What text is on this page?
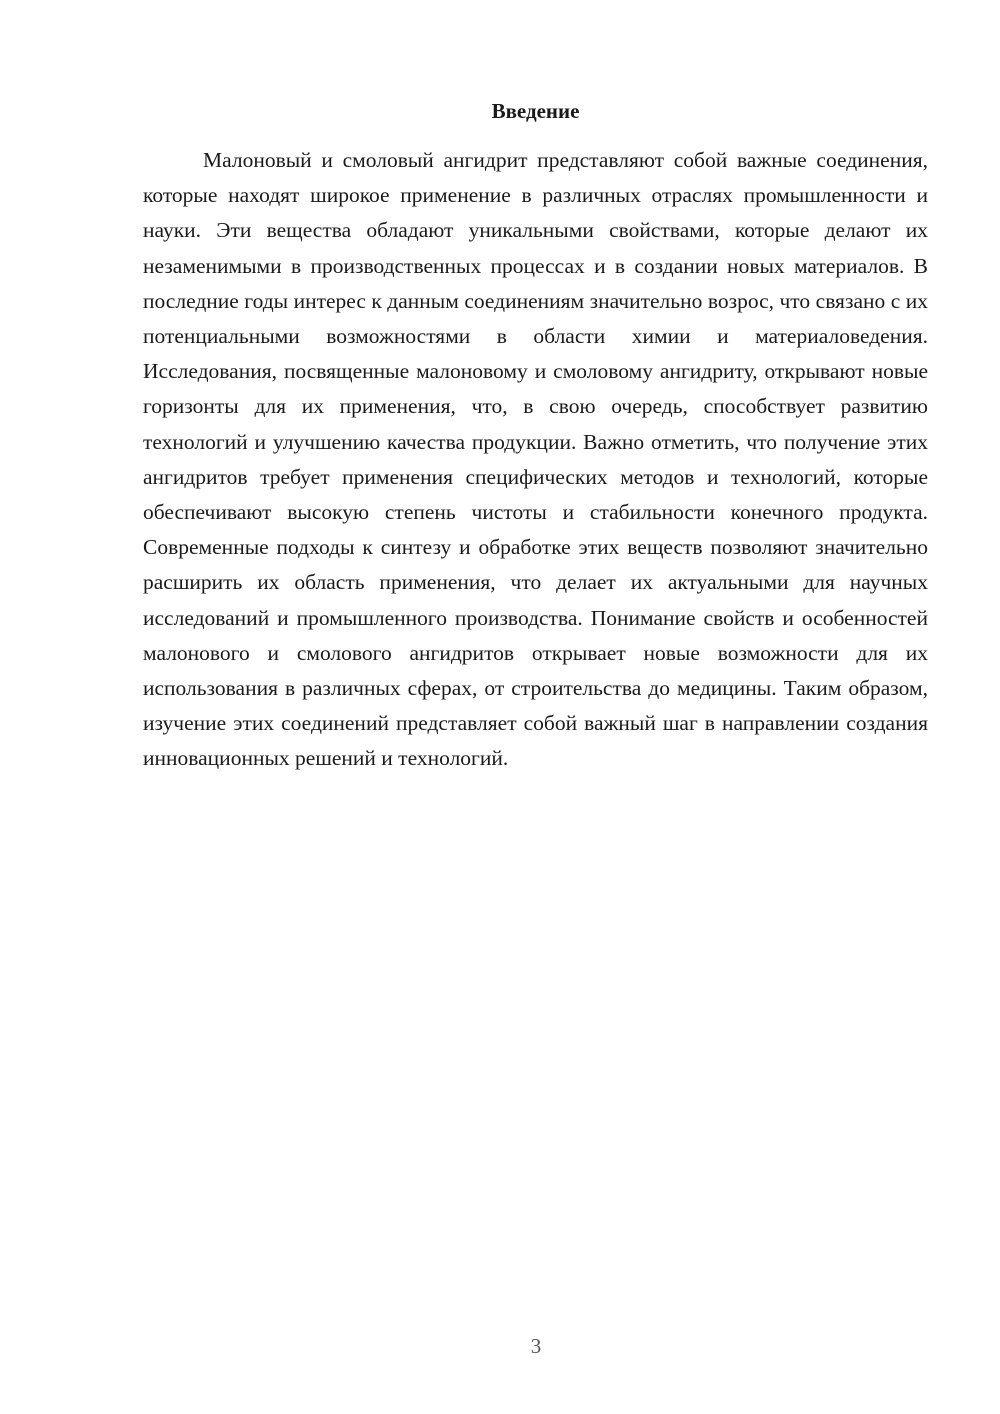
Введение

Малоновый и смоловый ангидрит представляют собой важные соединения, которые находят широкое применение в различных отраслях промышленности и науки. Эти вещества обладают уникальными свойствами, которые делают их незаменимыми в производственных процессах и в создании новых материалов. В последние годы интерес к данным соединениям значительно возрос, что связано с их потенциальными возможностями в области химии и материаловедения. Исследования, посвященные малоновому и смоловому ангидриту, открывают новые горизонты для их применения, что, в свою очередь, способствует развитию технологий и улучшению качества продукции. Важно отметить, что получение этих ангидритов требует применения специфических методов и технологий, которые обеспечивают высокую степень чистоты и стабильности конечного продукта. Современные подходы к синтезу и обработке этих веществ позволяют значительно расширить их область применения, что делает их актуальными для научных исследований и промышленного производства. Понимание свойств и особенностей малонового и смолового ангидритов открывает новые возможности для их использования в различных сферах, от строительства до медицины. Таким образом, изучение этих соединений представляет собой важный шаг в направлении создания инновационных решений и технологий.

3
